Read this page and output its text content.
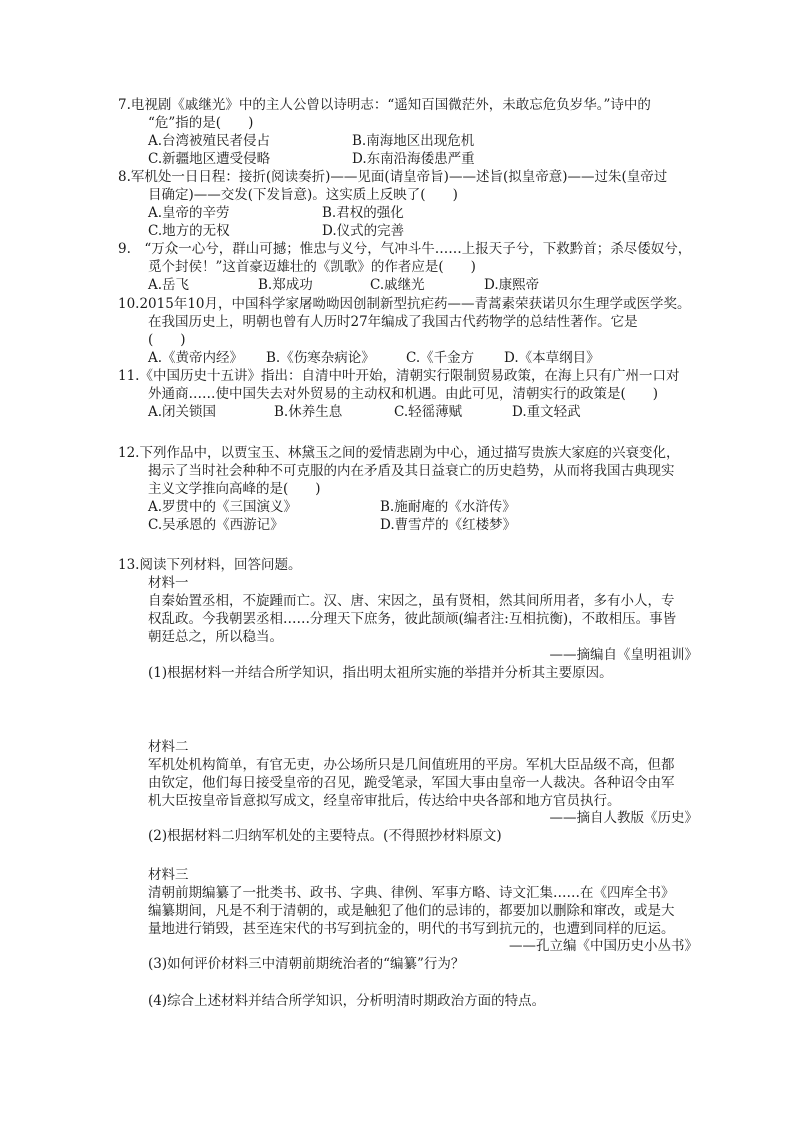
7.电视剧《戚继光》中的主人公曾以诗明志：“遥知百国微茫外，未敢忘危负岁华。”诗中的
“危”指的是(　　)
A.台湾被殖民者侵占	B.南海地区出现危机
C.新疆地区遭受侵略	D.东南沿海倭患严重
8.军机处一日日程：接折(阅读奏折)——见面(请皇帝旨)——述旨(拟皇帝意)——过朱(皇帝过
目确定)——交发(下发旨意)。这实质上反映了(　　)
A.皇帝的辛劳	B.君权的强化
C.地方的无权	D.仪式的完善
9.　“万众一心兮，群山可撼；惟忠与义兮，气冲斗牛……上报天子兮，下救黔首；杀尽倭奴兮，
觅个封侯！”这首豪迈雄壮的《凯歌》的作者应是(　　)
A.岳飞	B.郑成功	C.戚继光	D.康熙帝
10.2015年10月，中国科学家屠呦呦因创制新型抗疟药——青蒿素荣获诺贝尔生理学或医学奖。
在我国历史上，明朝也曾有人历时27年编成了我国古代药物学的总结性著作。它是
(　　)
A.《黄帝内经》 B.《伤寒杂病论》 C.《千金方 D.《本草纲目》
11.《中国历史十五讲》指出：自清中叶开始，清朝实行限制贸易政策，在海上只有广州一口对
外通商……使中国失去对外贸易的主动权和机遇。由此可见，清朝实行的政策是(　　)
A.闭关锁国	B.休养生息	C.轻徭薄赋	D.重文轻武
12.下列作品中，以贾宝玉、林黛玉之间的爱情悲剧为中心，通过描写贵族大家庭的兴衰变化，
揭示了当时社会种种不可克服的内在矛盾及其日益衰亡的历史趋势，从而将我国古典现实
主义文学推向高峰的是(　　)
A.罗贯中的《三国演义》	B.施耐庵的《水浒传》
C.吴承恩的《西游记》	D.曹雪芹的《红楼梦》
13.阅读下列材料，回答问题。
材料一
自秦始置丞相，不旋踵而亡。汉、唐、宋因之，虽有贤相，然其间所用者，多有小人，专
权乱政。今我朝罢丞相……分理天下庶务，彼此颉颃(编者注:互相抗衡)，不敢相压。事皆
朝廷总之，所以稳当。
——摘编自《皇明祖训》
(1)根据材料一并结合所学知识，指出明太祖所实施的举措并分析其主要原因。
材料二
军机处机构简单，有官无吏，办公场所只是几间值班用的平房。军机大臣品级不高，但都
由钦定，他们每日接受皇帝的召见，跪受笔录，军国大事由皇帝一人裁决。各种诏令由军
机大臣按皇帝旨意拟写成文，经皇帝审批后，传达给中央各部和地方官员执行。
——摘自人教版《历史》
(2)根据材料二归纳军机处的主要特点。(不得照抄材料原文)
材料三
清朝前期编纂了一批类书、政书、字典、律例、军事方略、诗文汇集……在《四库全书》
编纂期间，凡是不利于清朝的，或是触犯了他们的忌讳的，都要加以删除和窜改，或是大
量地进行销毁，甚至连宋代的书写到抗金的，明代的书写到抗元的，也遭到同样的厄运。
——孔立编《中国历史小丛书》
(3)如何评价材料三中清朝前期统治者的“编纂”行为？
(4)综合上述材料并结合所学知识，分析明清时期政治方面的特点。
